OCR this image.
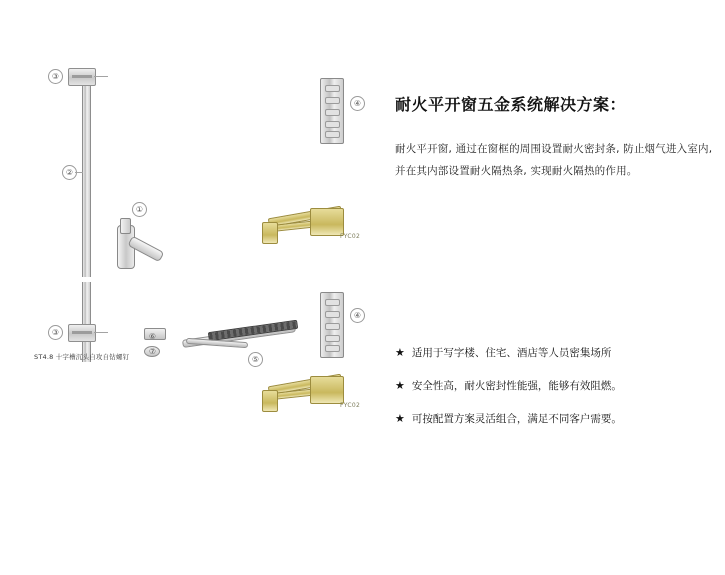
②
③
③
ST4.8 十字槽沉头自攻自钻螺钉
①
⑥
⑦
⑤
④
④
FYC02
FYC02
耐火平开窗五金系统解决方案：

耐火平开窗, 通过在窗框的周围设置耐火密封条, 防止烟气进入室内, 并在其内部设置耐火隔热条, 实现耐火隔热的作用。

★ 适用于写字楼、住宅、酒店等人员密集场所
★ 安全性高，耐火密封性能强，能够有效阻燃。
★ 可按配置方案灵活组合，满足不同客户需要。
